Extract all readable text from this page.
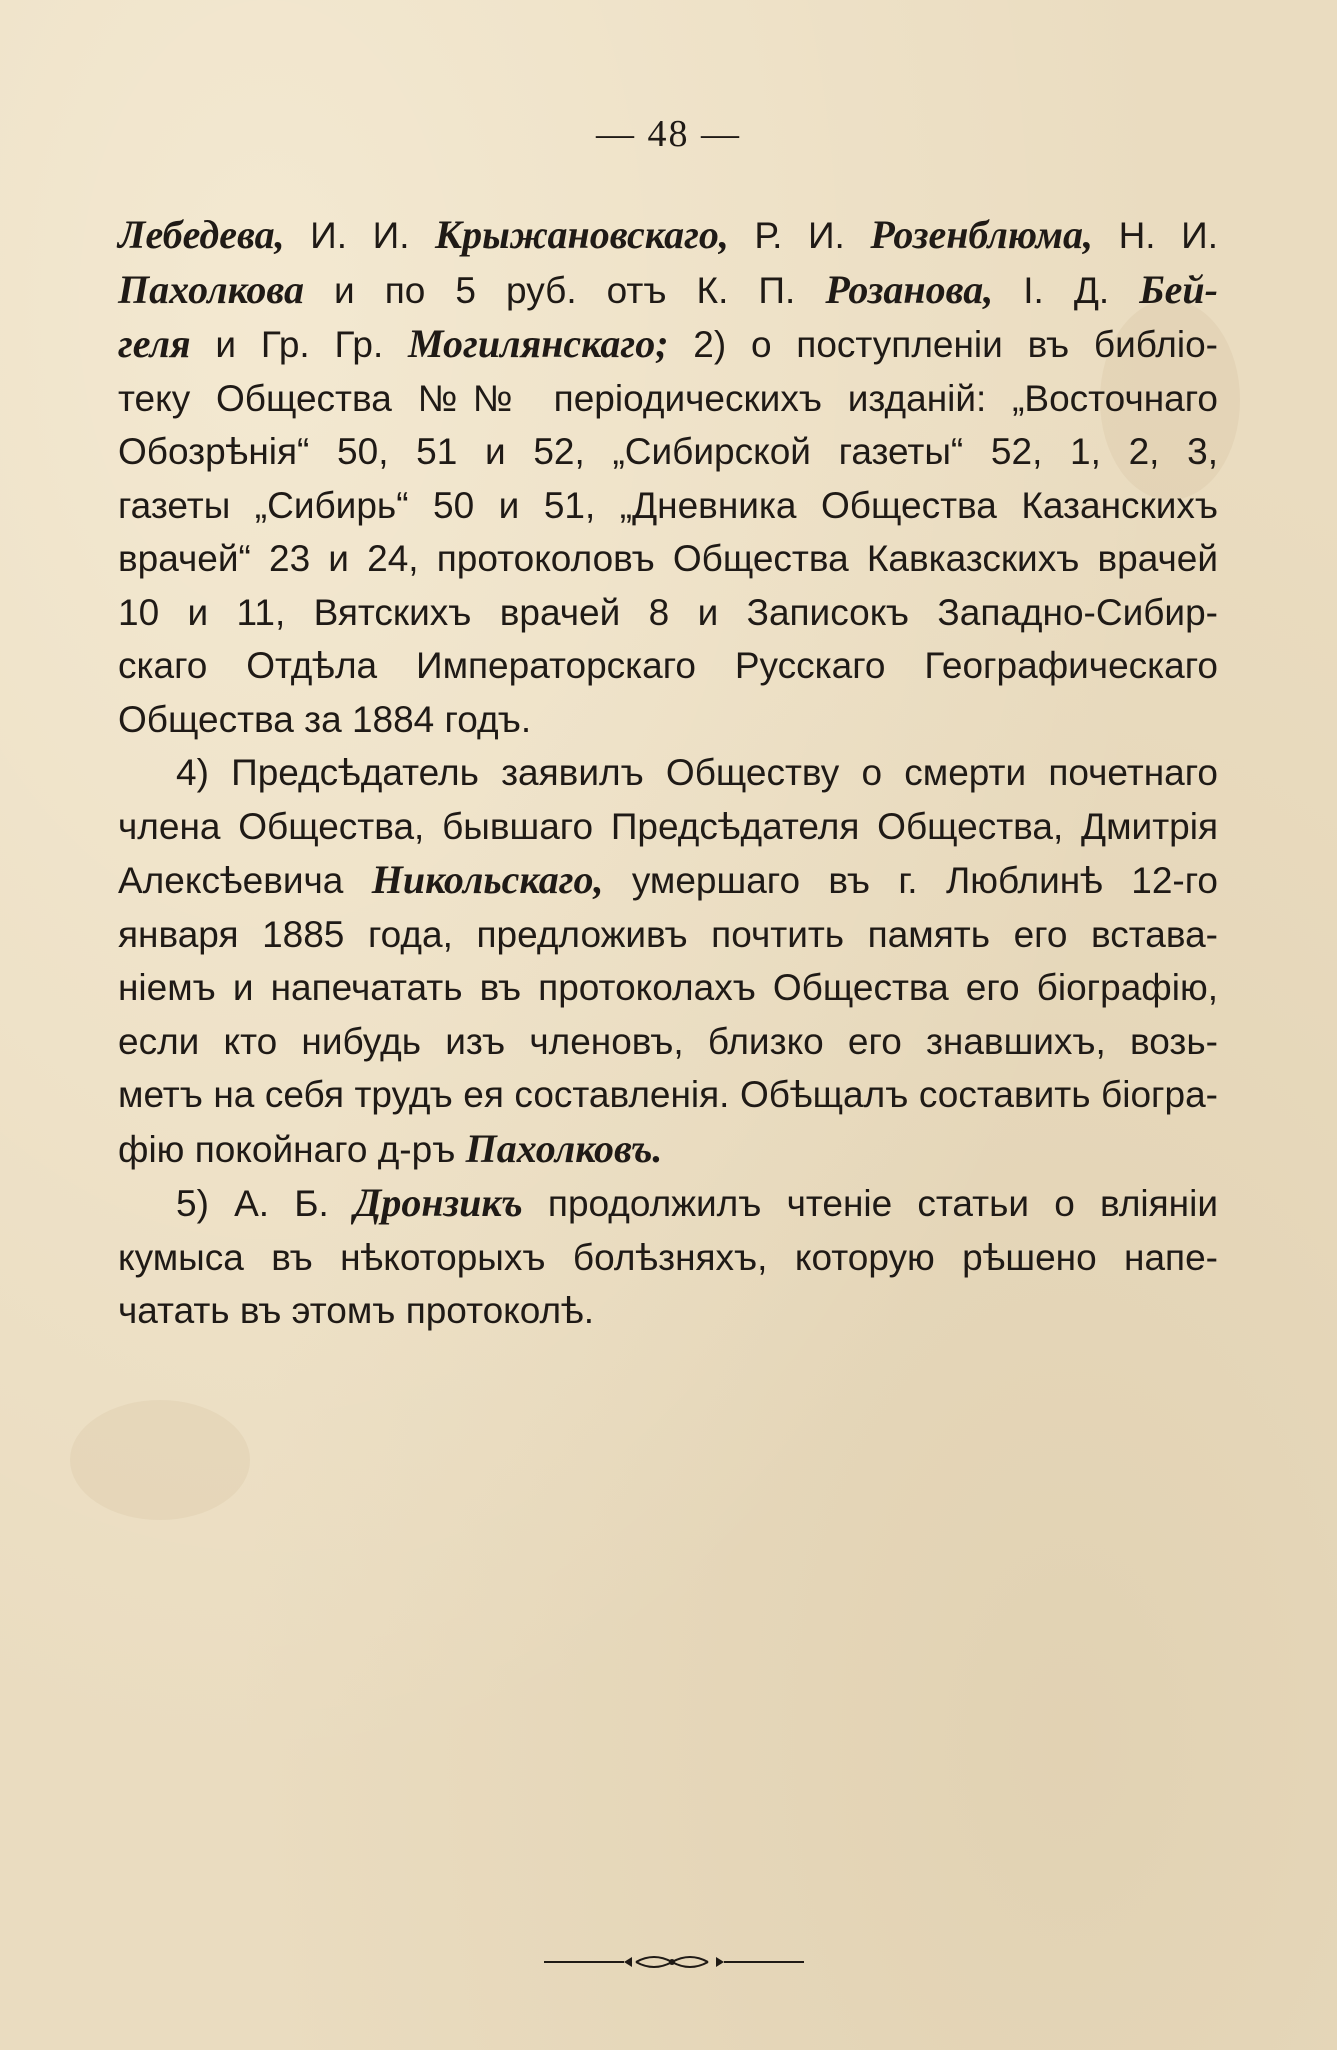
— 48 —
Лебедева, И. И. Крыжановскаго, Р. И. Розенблюма, Н. И.
Пахолкова и по 5 руб. отъ К. П. Розанова, І. Д. Бей-
геля и Гр. Гр. Могилянскаго; 2) о поступленіи въ библіо-
теку Общества №№ періодическихъ изданій: „Восточнаго
Обозрѣнія“ 50, 51 и 52, „Сибирской газеты“ 52, 1, 2, 3,
газеты „Сибирь“ 50 и 51, „Дневника Общества Казанскихъ
врачей“ 23 и 24, протоколовъ Общества Кавказскихъ врачей
10 и 11, Вятскихъ врачей 8 и Записокъ Западно-Сибир-
скаго Отдѣла Императорскаго Русскаго Географическаго
Общества за 1884 годъ.
4) Предсѣдатель заявилъ Обществу о смерти почетнаго
члена Общества, бывшаго Предсѣдателя Общества, Дмитрія
Алексѣевича Никольскаго, умершаго въ г. Люблинѣ 12-го
января 1885 года, предложивъ почтить память его встава-
ніемъ и напечатать въ протоколахъ Общества его біографію,
если кто нибудь изъ членовъ, близко его знавшихъ, возь-
метъ на себя трудъ ея составленія. Обѣщалъ составить біогра-
фію покойнаго д-ръ Пахолковъ.
5) А. Б. Дронзикъ продолжилъ чтеніе статьи о вліяніи
кумыса въ нѣкоторыхъ болѣзняхъ, которую рѣшено напе-
чатать въ этомъ протоколѣ.
